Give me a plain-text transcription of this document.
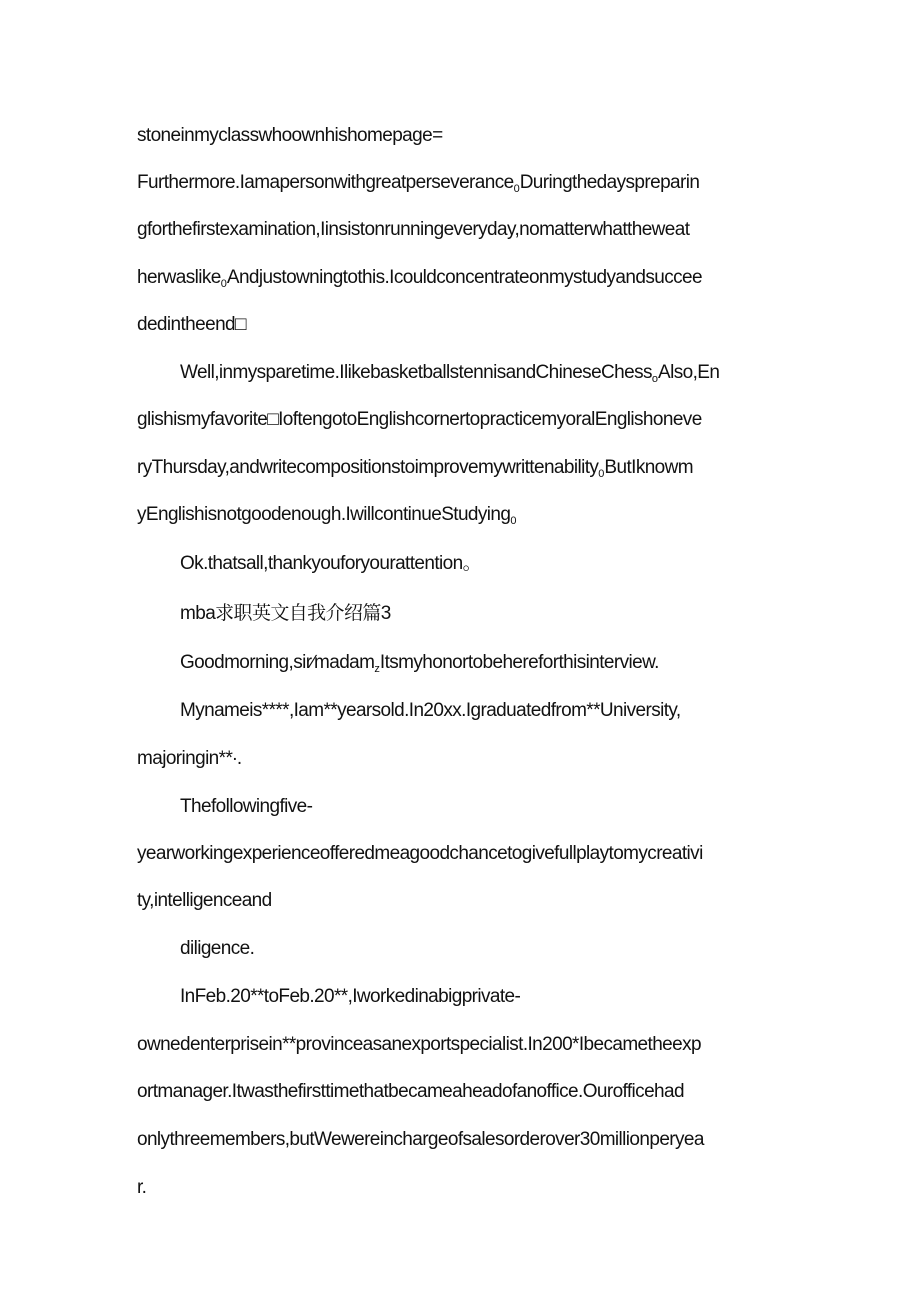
stoneinmyclasswhoownhishomepage=
Furthermore.Iamapersonwithgreatperseverance$_0$Duringthedayspreparin
gforthefirstexamination,Iinsistonrunningeveryday,nomatterwhattheweat
herwaslike$_0$Andjustowningtothis.Icouldconcentrateonmystudyandsuccee
dedintheend□
Well,inmysparetime.Ilikebasketballstennisand​ChineseChess$_o$Also,En
glishismyfavorite□IoftengotoEnglishcornertopracticemyoralEnglishoneve
ryThursday,andwritecompositionstoimprovemywrittenability$_0$ButIknowm
yEnglishisnotgoodenough.IwillcontinueStudying$_0$
Ok.thatsall,thankyouforyourattention。
mba求职英文自我介绍篇3
Goodmorning,sir∕madam$_z$Itsmyhonortobehereforthisinterview.
Mynameis****,Iam**yearsold.In20xx.Igraduatedfrom**University,
majoringin**∙.
Thefollowingfive-
yearworkingexperienceofferedmeagoodchancetogivefullplaytomycreativi
ty,intelligenceand
diligence.
InFeb.20**toFeb.20**,Iworkedinabigprivate-
ownedenterprisein**provinceasanexportspecialist.In200*Ibecametheexp
ortmanager.Itwasthefirsttimethatbecameaheadofanoffice.Ourofficehad
onlythreemembers,butWewereinchargeofsalesorderover30millionperyea
r.
